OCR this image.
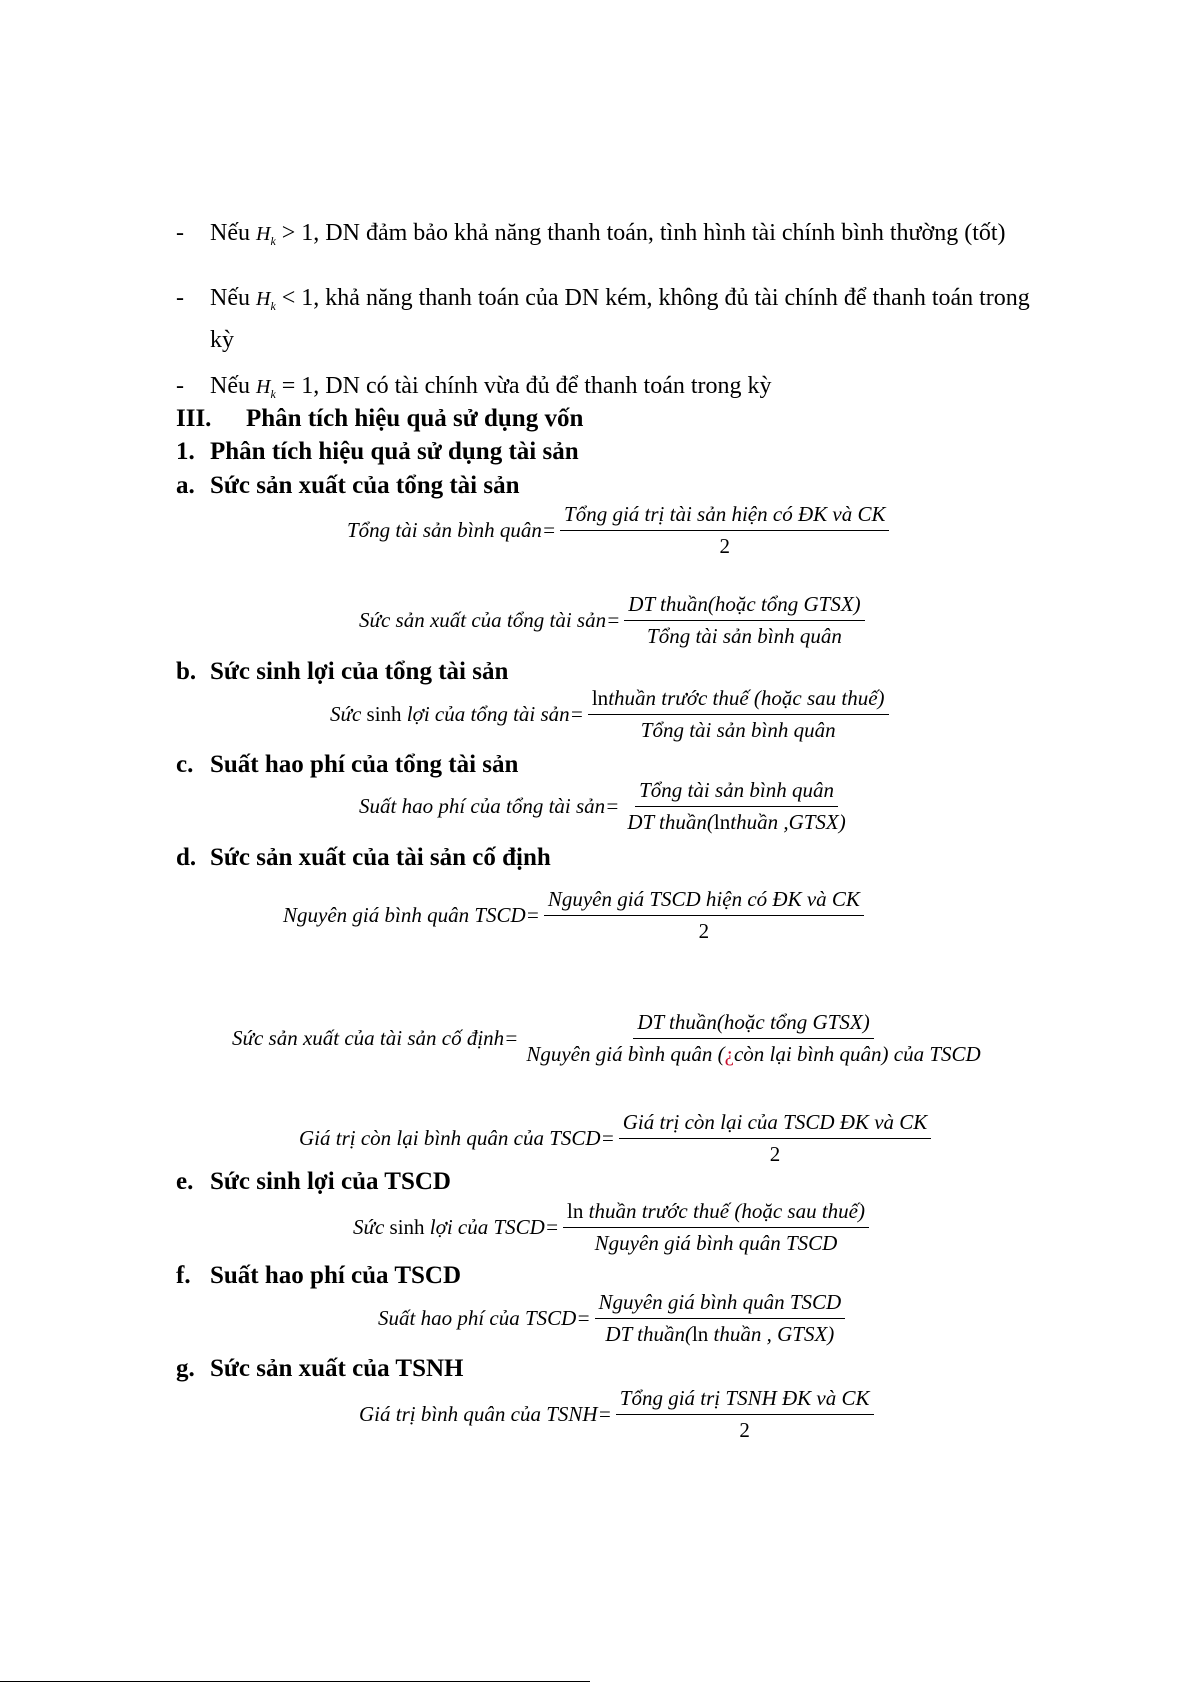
- Nếu $H_k > 1$, DN đảm bảo khả năng thanh toán, tình hình tài chính bình thường (tốt)
- Nếu $H_k < 1$, khả năng thanh toán của DN kém, không đủ tài chính để thanh toán trong kỳ
- Nếu $H_k = 1$, DN có tài chính vừa đủ để thanh toán trong kỳ
III. Phân tích hiệu quả sử dụng vốn
1. Phân tích hiệu quả sử dụng tài sản
a. Sức sản xuất của tổng tài sản
Tổng tài sản bình quân= $\frac{\text{Tổng giá trị tài sản hiện có ĐK và CK}}{2}$
Sức sản xuất của tổng tài sản= $\frac{\text{DT thuần(hoặc tổng GTSX)}}{\text{Tổng tài sản bình quân}}$
b. Sức sinh lợi của tổng tài sản
Sức sinh lợi của tổng tài sản= $\frac{\text{lnthuần trước thuế (hoặc sau thuế)}}{\text{Tổng tài sản bình quân}}$
c. Suất hao phí của tổng tài sản
Suất hao phí của tổng tài sản= $\frac{\text{Tổng tài sản bình quân}}{\text{DT thuần(lnthuần ,GTSX)}}$
d. Sức sản xuất của tài sản cố định
Nguyên giá bình quân TSCD= $\frac{\text{Nguyên giá TSCD hiện có ĐK và CK}}{2}$
Sức sản xuất của tài sản cố định= $\frac{\text{DT thuần(hoặc tổng GTSX)}}{\text{Nguyên giá bình quân (¿còn lại bình quân) của TSCD}}$
Giá trị còn lại bình quân của TSCD= $\frac{\text{Giá trị còn lại của TSCD ĐK và CK}}{2}$
e. Sức sinh lợi của TSCD
Sức sinh lợi của TSCD= $\frac{\text{ln thuần trước thuế (hoặc sau thuế)}}{\text{Nguyên giá bình quân TSCD}}$
f. Suất hao phí của TSCD
Suất hao phí của TSCD= $\frac{\text{Nguyên giá bình quân TSCD}}{\text{DT thuần(ln thuần , GTSX)}}$
g. Sức sản xuất của TSNH
Giá trị bình quân của TSNH= $\frac{\text{Tổng giá trị TSNH ĐK và CK}}{2}$
